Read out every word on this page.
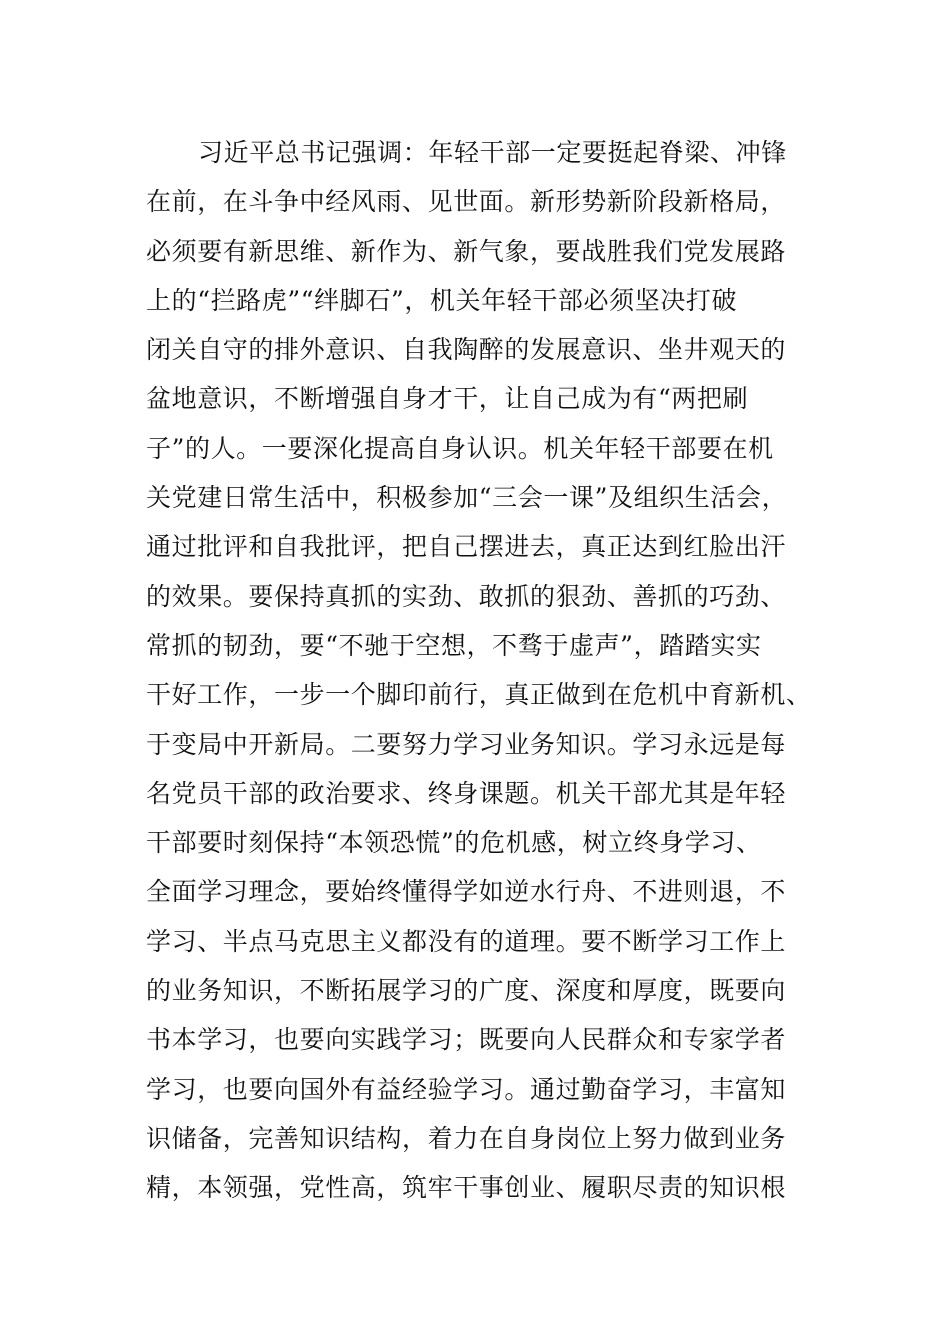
习近平总书记强调：年轻干部一定要挺起脊梁、冲锋
在前，在斗争中经风雨、见世面。新形势新阶段新格局，
必须要有新思维、新作为、新气象，要战胜我们党发展路
上的“拦路虎”“绊脚石”，机关年轻干部必须坚决打破
闭关自守的排外意识、自我陶醉的发展意识、坐井观天的
盆地意识，不断增强自身才干，让自己成为有“两把刷
子”的人。一要深化提高自身认识。机关年轻干部要在机
关党建日常生活中，积极参加“三会一课”及组织生活会，
通过批评和自我批评，把自己摆进去，真正达到红脸出汗
的效果。要保持真抓的实劲、敢抓的狠劲、善抓的巧劲、
常抓的韧劲，要“不驰于空想，不骛于虚声”，踏踏实实
干好工作，一步一个脚印前行，真正做到在危机中育新机、
于变局中开新局。二要努力学习业务知识。学习永远是每
名党员干部的政治要求、终身课题。机关干部尤其是年轻
干部要时刻保持“本领恐慌”的危机感，树立终身学习、
全面学习理念，要始终懂得学如逆水行舟、不进则退，不
学习、半点马克思主义都没有的道理。要不断学习工作上
的业务知识，不断拓展学习的广度、深度和厚度，既要向
书本学习，也要向实践学习；既要向人民群众和专家学者
学习，也要向国外有益经验学习。通过勤奋学习，丰富知
识储备，完善知识结构，着力在自身岗位上努力做到业务
精，本领强，党性高，筑牢干事创业、履职尽责的知识根
